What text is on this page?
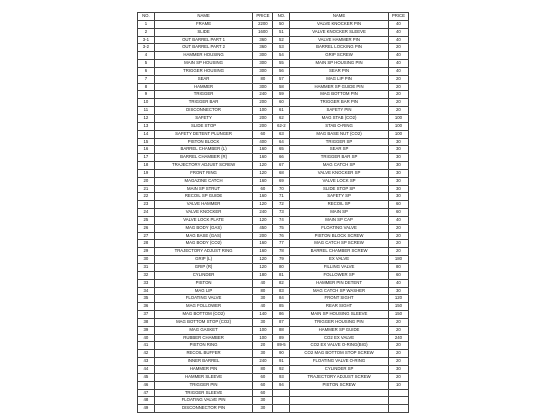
NO.	NAME	PRICE	NO.	NAME	PRICE
1	FRAME	2200	50	VALVE KNOCKER PIN	40
2	SLIDE	1600	51	VALVE KNOCKER SLEEVE	40
3-1	OUT BARREL PART 1	360	52	VALVE HAMMER PIN	40
3-2	OUT BARREL PART 2	360	53	BARREL LOCKING PIN	20
4	HAMMER HOUSING	300	54	GRIP SCREW	40
5	MAIN SP HOUSING	300	55	MAIN SP HOUSING PIN	40
6	TRIGGER HOUSING	300	56	SEAR PIN	40
7	SEAR	80	57	MAG LIP PIN	20
8	HAMMER	300	58	HAMMER SP GUIDE PIN	20
9	TRIGGER	240	59	MAG BOTTOM PIN	20
10	TRIGGER BAR	200	60	TRIGGER BAR PIN	20
11	DISCONNECTOR	100	61	SAFETY PIN	20
12	SAFETY	200	62	MAG STAB (CO2)	100
13	SLIDE STOP	200	62-2	STAB O-RING	100
14	SAFETY DETENT PLUNGER	60	63	MAG BASE NUT (CO2)	100
15	PISTON BLOCK	400	64	TRIGGER SP	30
16	BARREL CHAMBER (L)	160	65	SEAR SP	30
17	BARREL CHAMBER (R)	160	66	TRIGGER BAR SP	30
18	TRAJECTORY ADJUST SCREW	120	67	MAG CATCH SP	30
19	FRONT RING	120	68	VALVE KNOCKER SP	30
20	MAGAZINE CATCH	160	69	VALVE LOCK SP	30
21	MAIN SP STRUT	60	70	SLIDE STOP SP	30
22	RECOIL SP GUIDE	160	71	SAFETY SP	30
23	VALVE HAMMER	120	72	RECOIL SP	60
24	VALVE KNOCKER	240	73	MAIN SP	60
25	VALVE LOCK PLATE	120	74	MAIN SP CAP	40
26	MAG BODY (GAS)	450	75	FLOATING VALVE	20
27	MAG BASE (GAS)	200	76	PISTON BLOCK SCREW	20
28	MAG BODY (CO2)	160	77	MAG CATCH SP SCREW	20
29	TRAJECTORY ADJUST RING	160	78	BARREL CHAMBER SCREW	20
30	GRIP (L)	120	79	EX VALVE	180
31	GRIP (R)	120	80	FILLING VALVE	80
32	CYLINDER	180	81	FOLLOWER SP	60
33	PISTON	40	82	HAMMER PIN DETENT	40
34	MAG LIP	80	83	MAG CATCH SP WASHER	30
35	FLOATING VALVE	30	84	FRONT SIGHT	120
36	MAG FOLLOWER	40	85	REAR SIGHT	150
37	MAG BOTTOM (CO2)	140	86	MAIN SP HOUSING SLEEVE	150
38	MAG BOTTOM STOP (CO2)	30	87	TRIGGER HOUSING PIN	20
39	MAG GASKET	100	88	HAMMER SP GUIDE	20
40	RUBBER CHAMBER	100	89	CO2 EX VALVE	240
41	PISTON RING	20	89-5	CO2 EX VALVE O-RING(BIG)	20
42	RECOIL BUFFER	30	90	CO2 MAG BOTTOM STOP SCREW	20
43	INNER BARREL	240	91	FLOATING VALVE O-RING	20
44	HAMMER PIN	80	92	CYLINDER SP	30
45	HAMMER SLEEVE	60	93	TRAJECTORY ADJUST SCREW	20
46	TRIGGER PIN	60	94	PISTON SCREW	10
47	TRIGGER SLEEVE	60			
48	FLOATING VALVE PIN	30			
49	DISCONNECTOR PIN	30			
